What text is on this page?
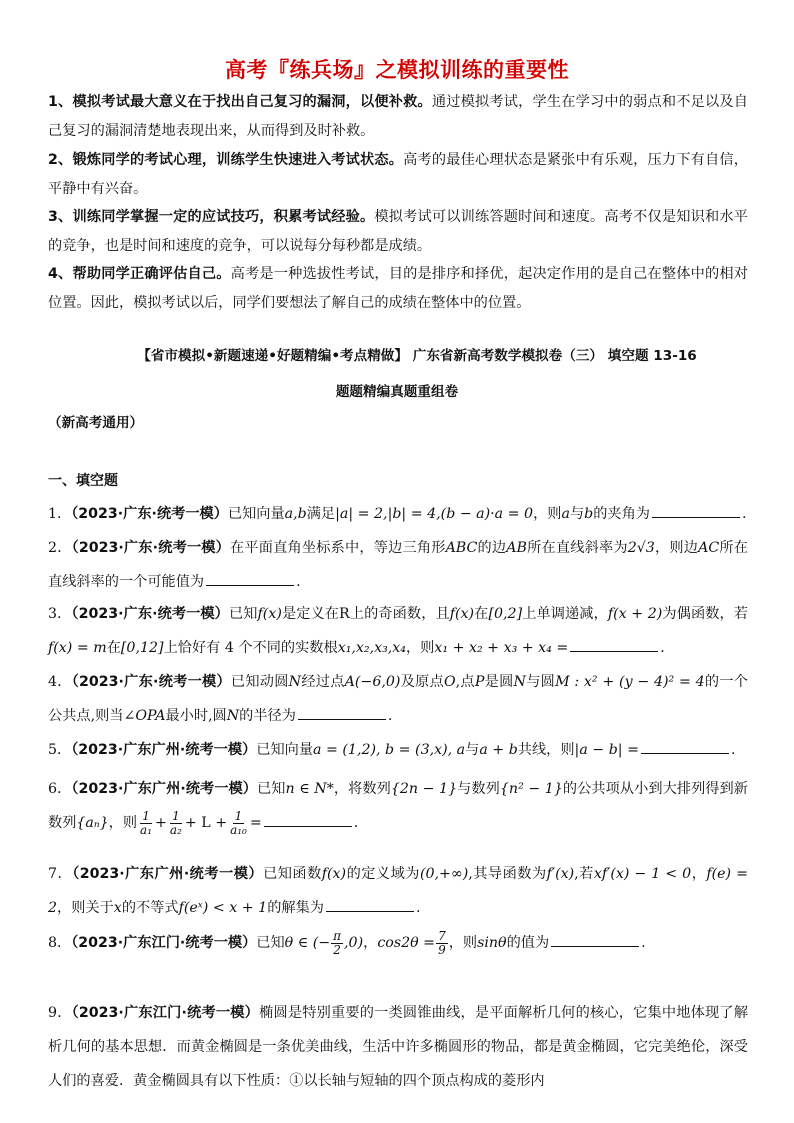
高考『练兵场』之模拟训练的重要性
1、模拟考试最大意义在于找出自己复习的漏洞，以便补救。通过模拟考试，学生在学习中的弱点和不足以及自己复习的漏洞清楚地表现出来，从而得到及时补救。
2、锻炼同学的考试心理，训练学生快速进入考试状态。高考的最佳心理状态是紧张中有乐观，压力下有自信，平静中有兴奋。
3、训练同学掌握一定的应试技巧，积累考试经验。模拟考试可以训练答题时间和速度。高考不仅是知识和水平的竞争，也是时间和速度的竞争，可以说每分每秒都是成绩。
4、帮助同学正确评估自己。高考是一种选拔性考试，目的是排序和择优，起决定作用的是自己在整体中的相对位置。因此，模拟考试以后，同学们要想法了解自己的成绩在整体中的位置。
【省市模拟•新题速递•好题精编•考点精做】 广东省新高考数学模拟卷（三） 填空题 13-16
题题精编真题重组卷
（新高考通用）
一、填空题
1．（2023·广东·统考一模）已知向量a,b满足|a| = 2,|b| = 4,(b − a)·a = 0，则a与b的夹角为	.
2．（2023·广东·统考一模）在平面直角坐标系中，等边三角形ABC的边AB所在直线斜率为2√3，则边AC所在直线斜率的一个可能值为	.
3．（2023·广东·统考一模）已知f(x)是定义在R上的奇函数，且f(x)在[0,2]上单调递减，f(x + 2)为偶函数，若f(x) = m在[0,12]上恰好有 4 个不同的实数根x₁,x₂,x₃,x₄，则x₁ + x₂ + x₃ + x₄ =	.
4．（2023·广东·统考一模）已知动圆N经过点A(−6,0)及原点O,点P是圆N与圆M : x² + (y − 4)² = 4的一个公共点,则当∠OPA最小时,圆N的半径为	.
5．（2023·广东广州·统考一模）已知向量a = (1,2), b = (3,x), a与a + b共线，则|a − b| =	.
6．（2023·广东广州·统考一模）已知n ∈ N*，将数列{2n − 1}与数列{n² − 1}的公共项从小到大排列得到新数列{aₙ}，则 $\frac{1}{\text{a₁}} + \frac{1}{\text{a₂}} + L + \frac{1}{\text{a₁₀}}$ =	.
7．（2023·广东广州·统考一模）已知函数f(x)的定义域为(0,+∞),其导函数为f′(x),若xf′(x) − 1 < 0，f(e) = 2，则关于x的不等式f(eˣ) < x + 1的解集为	.
8．（2023·广东江门·统考一模）已知θ ∈ (− $\frac{\pi}{2} ,0$)，$\cos 2\theta = \frac{7}{9}$ ，则sinθ的值为	.
9．（2023·广东江门·统考一模）椭圆是特别重要的一类圆锥曲线，是平面解析几何的核心，它集中地体现了解析几何的基本思想．而黄金椭圆是一条优美曲线，生活中许多椭圆形的物品，都是黄金椭圆，它完美绝伦，深受人们的喜爱．黄金椭圆具有以下性质：①以长轴与短轴的四个顶点构成的菱形内
